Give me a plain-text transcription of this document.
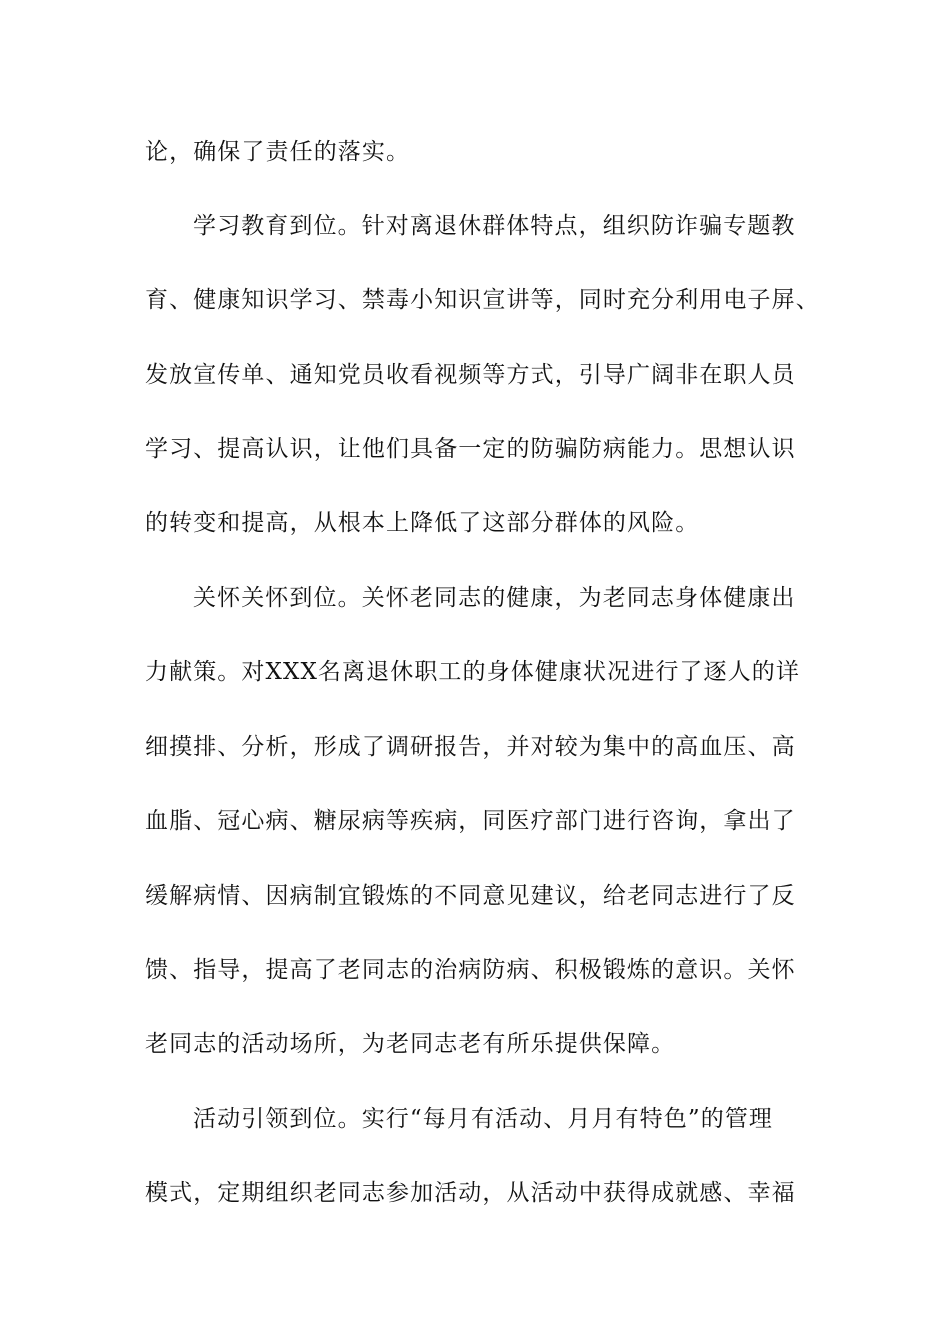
论，确保了责任的落实。
学习教育到位。针对离退休群体特点，组织防诈骗专题教
育、健康知识学习、禁毒小知识宣讲等，同时充分利用电子屏、
发放宣传单、通知党员收看视频等方式，引导广阔非在职人员
学习、提高认识，让他们具备一定的防骗防病能力。思想认识
的转变和提高，从根本上降低了这部分群体的风险。
关怀关怀到位。关怀老同志的健康，为老同志身体健康出
力献策。对XXX名离退休职工的身体健康状况进行了逐人的详
细摸排、分析，形成了调研报告，并对较为集中的高血压、高
血脂、冠心病、糖尿病等疾病，同医疗部门进行咨询，拿出了
缓解病情、因病制宜锻炼的不同意见建议，给老同志进行了反
馈、指导，提高了老同志的治病防病、积极锻炼的意识。关怀
老同志的活动场所，为老同志老有所乐提供保障。
活动引领到位。实行“每月有活动、月月有特色”的管理
模式，定期组织老同志参加活动，从活动中获得成就感、幸福
